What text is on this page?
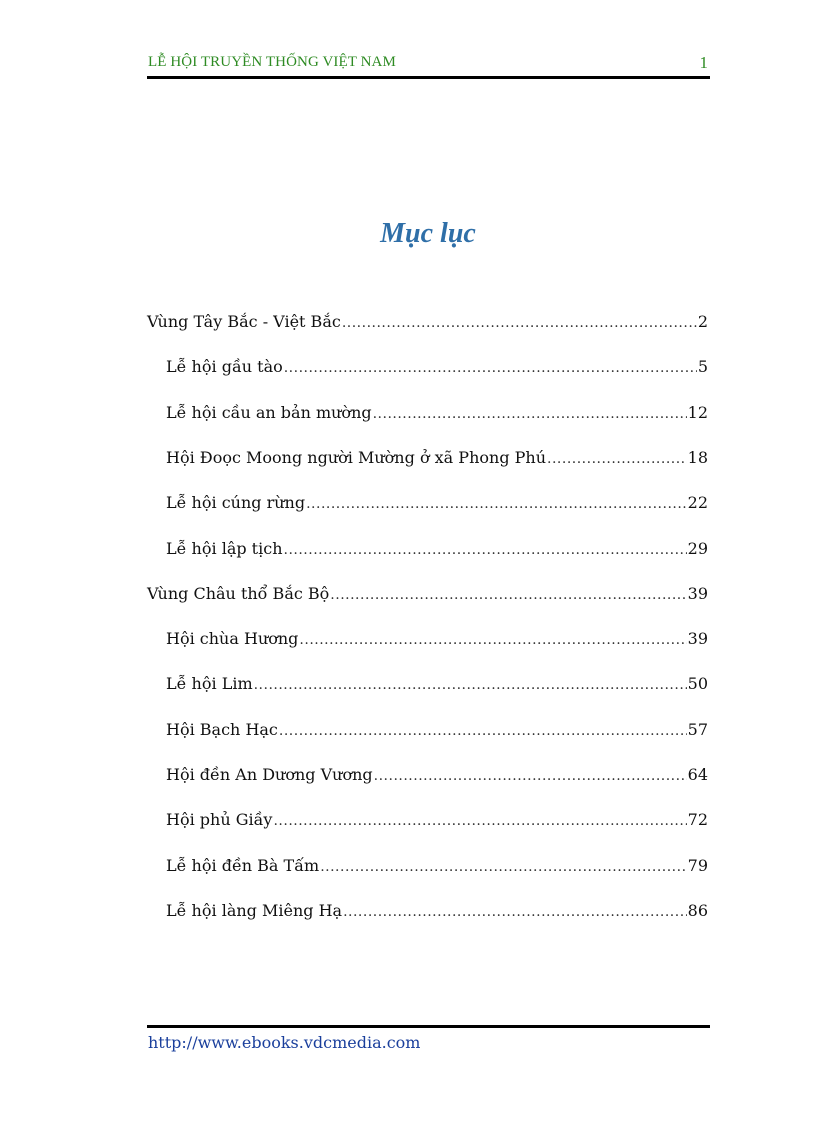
LỄ HỘI TRUYỀN THỐNG VIỆT NAM	1
Mục lục
Vùng Tây Bắc - Việt Bắc .....	2
Lễ hội gầu tào .....	5
Lễ hội cầu an bản mường .....	12
Hội Đoọc Moong người Mường ở xã Phong Phú .....	18
Lễ hội cúng rừng .....	22
Lễ hội lập tịch .....	29
Vùng Châu thổ Bắc Bộ .....	39
Hội chùa Hương .....	39
Lễ hội Lim .....	50
Hội Bạch Hạc .....	57
Hội đền An Dương Vương .....	64
Hội phủ Giầy .....	72
Lễ hội đền Bà Tấm .....	79
Lễ hội làng Miêng Hạ .....	86
http://www.ebooks.vdcmedia.com
